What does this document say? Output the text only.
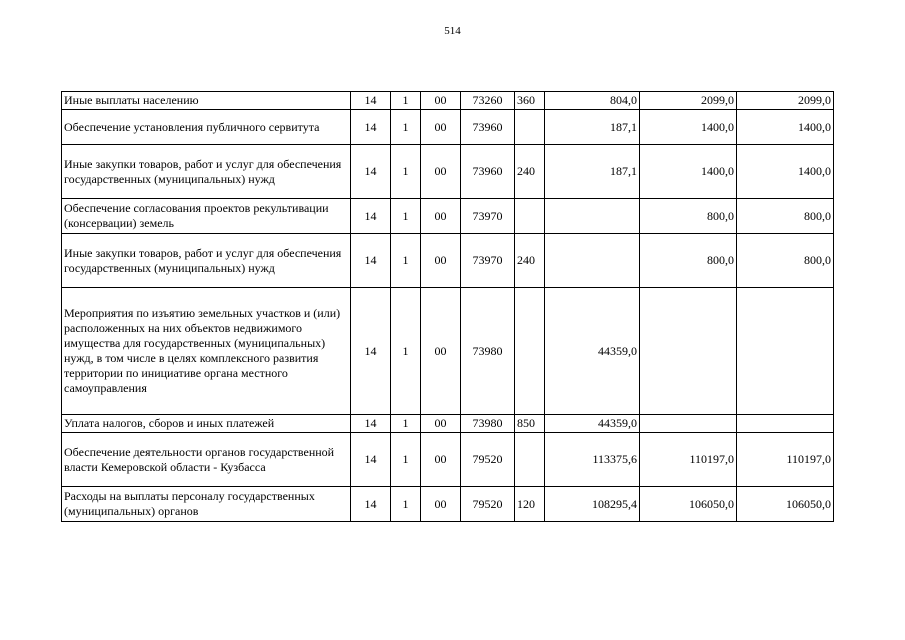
514
Иные выплаты населению	14	1	00	73260	360	804,0	2099,0	2099,0
Обеспечение установления публичного сервитута	14	1	00	73960		187,1	1400,0	1400,0
Иные закупки товаров, работ и услуг для обеспечения государственных (муниципальных) нужд	14	1	00	73960	240	187,1	1400,0	1400,0
Обеспечение согласования проектов рекультивации (консервации) земель	14	1	00	73970			800,0	800,0
Иные закупки товаров, работ и услуг для обеспечения государственных (муниципальных) нужд	14	1	00	73970	240		800,0	800,0
Мероприятия по изъятию земельных участков и (или) расположенных на них объектов недвижимого имущества для государственных (муниципальных) нужд, в том числе в целях комплексного развития территории по инициативе органа местного самоуправления	14	1	00	73980		44359,0		
Уплата налогов, сборов и иных платежей	14	1	00	73980	850	44359,0		
Обеспечение деятельности органов государственной власти Кемеровской области - Кузбасса	14	1	00	79520		113375,6	110197,0	110197,0
Расходы на выплаты персоналу государственных (муниципальных) органов	14	1	00	79520	120	108295,4	106050,0	106050,0
